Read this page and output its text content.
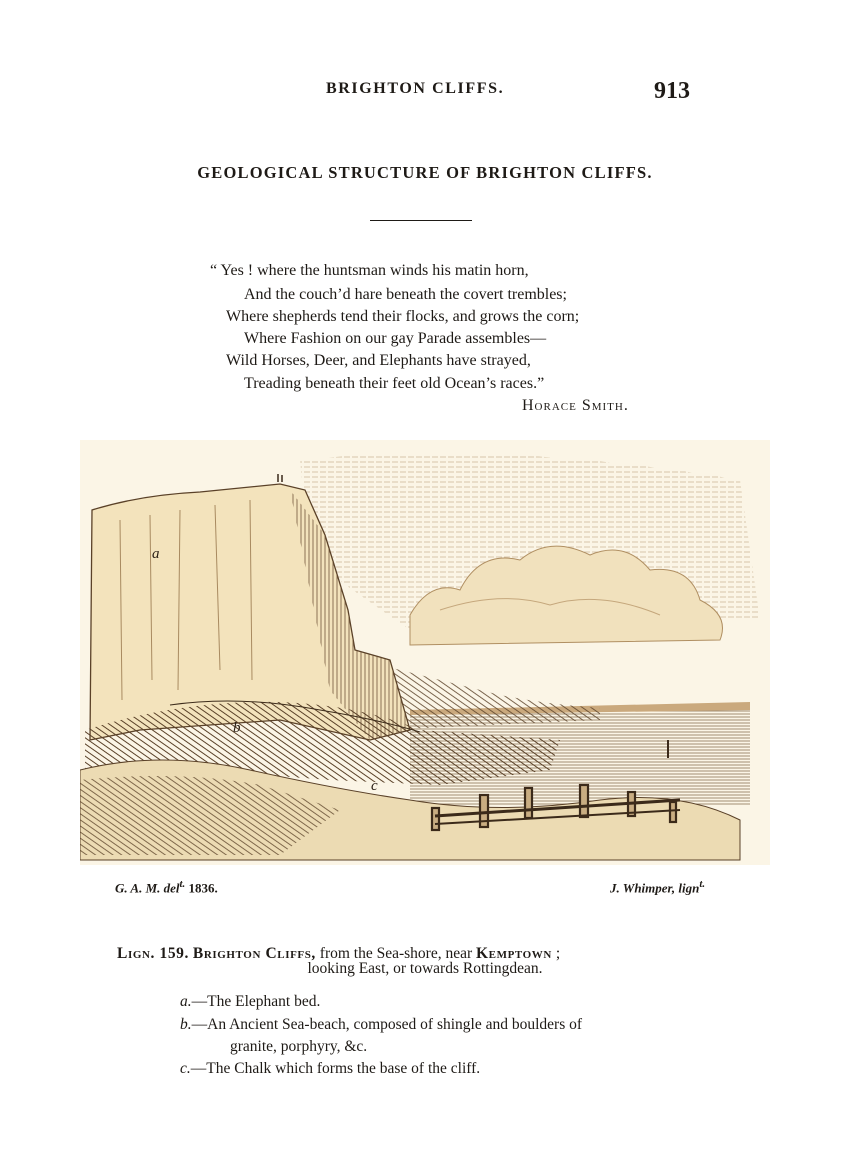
BRIGHTON CLIFFS.	913
GEOLOGICAL STRUCTURE OF BRIGHTON CLIFFS.
“ Yes ! where the huntsman winds his matin horn,
And the couch’d hare beneath the covert trembles;
Where shepherds tend their flocks, and grows the corn;
Where Fashion on our gay Parade assembles—
Wild Horses, Deer, and Elephants have strayed,
Treading beneath their feet old Ocean’s races.”
Horace Smith.
a
b
c
G. A. M. del$^{t.}$ 1836.	J. Whimper, lign$^{t.}$
Lign. 159. Brighton Cliffs, from the Sea-shore, near Kemptown ;
looking East, or towards Rottingdean.
a.—The Elephant bed.
b.—An Ancient Sea-beach, composed of shingle and boulders of
granite, porphyry, &c.
c.—The Chalk which forms the base of the cliff.
